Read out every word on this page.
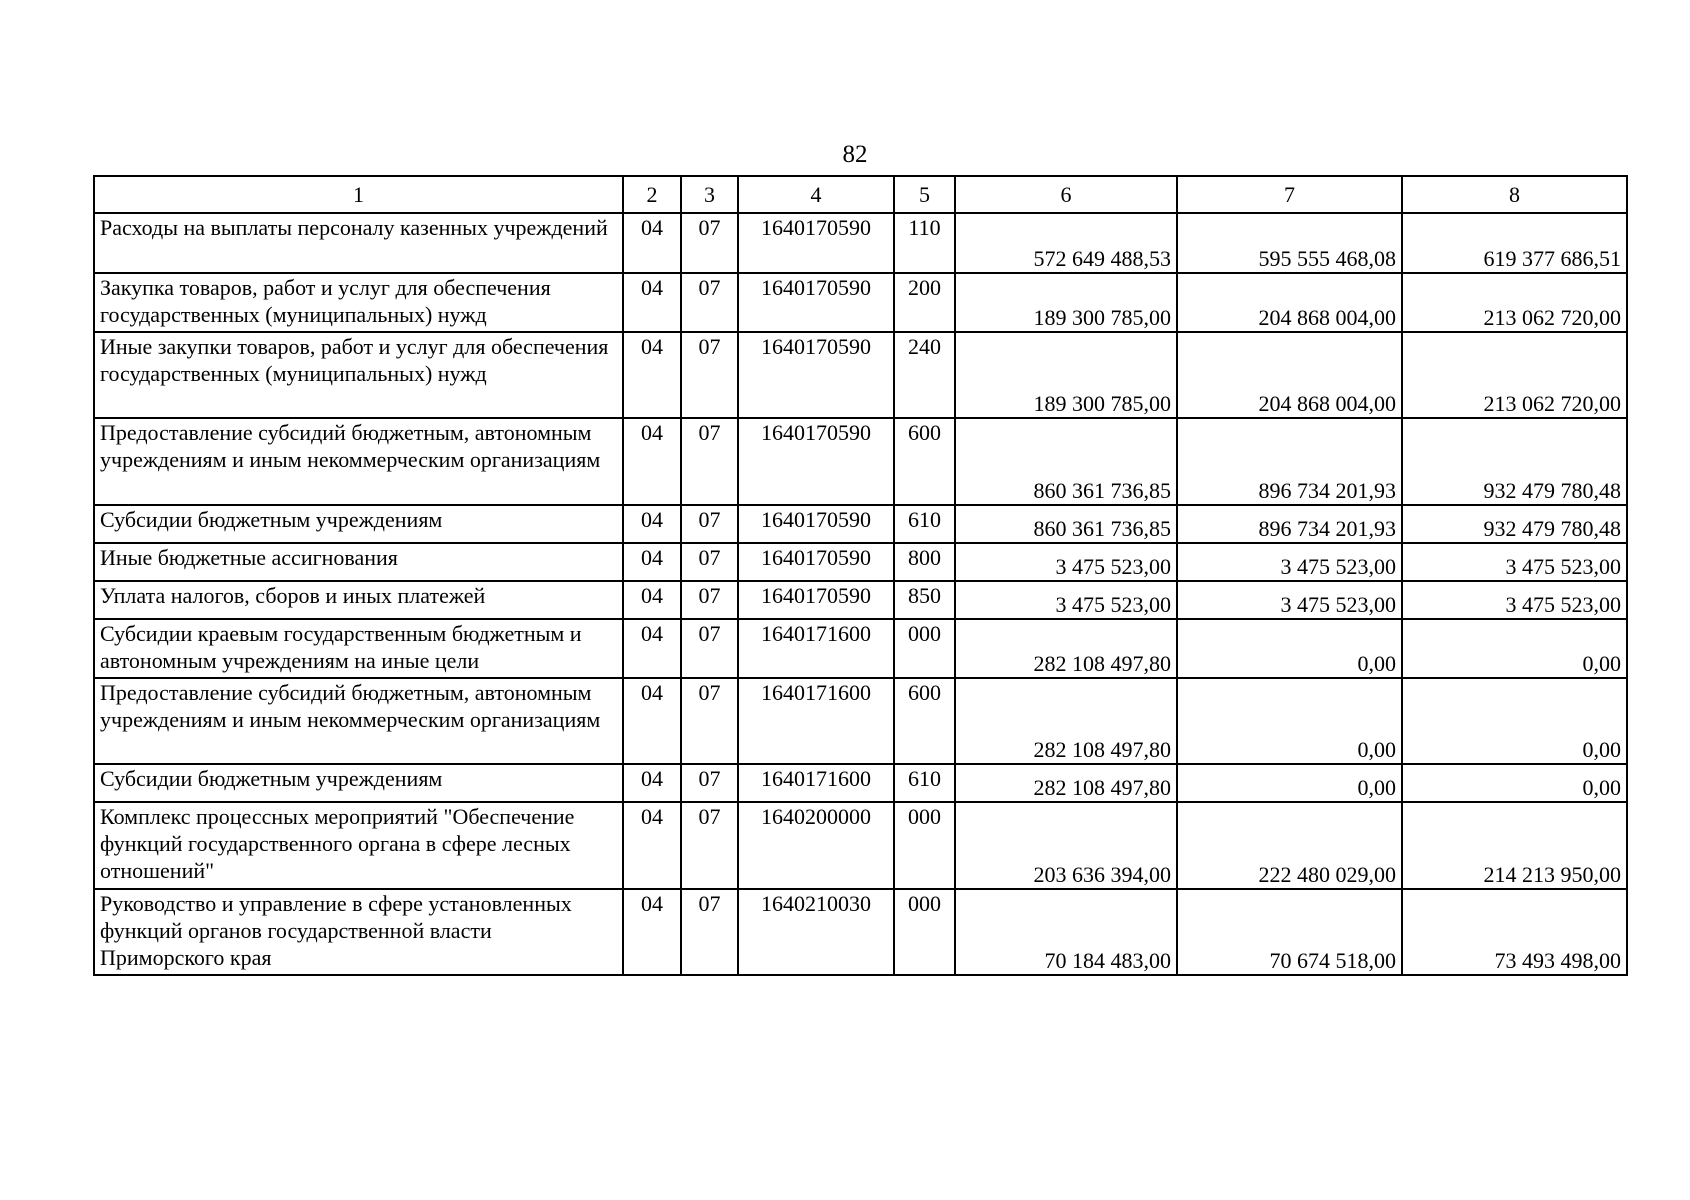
82
1	2	3	4	5	6	7	8
Расходы на выплаты персоналу казенных учреждений	04	07	1640170590	110	572 649 488,53	595 555 468,08	619 377 686,51
Закупка товаров, работ и услуг для обеспечения государственных (муниципальных) нужд	04	07	1640170590	200	189 300 785,00	204 868 004,00	213 062 720,00
Иные закупки товаров, работ и услуг для обеспечения государственных (муниципальных) нужд	04	07	1640170590	240	189 300 785,00	204 868 004,00	213 062 720,00
Предоставление субсидий бюджетным, автономным учреждениям и иным некоммерческим организациям	04	07	1640170590	600	860 361 736,85	896 734 201,93	932 479 780,48
Субсидии бюджетным учреждениям	04	07	1640170590	610	860 361 736,85	896 734 201,93	932 479 780,48
Иные бюджетные ассигнования	04	07	1640170590	800	3 475 523,00	3 475 523,00	3 475 523,00
Уплата налогов, сборов и иных платежей	04	07	1640170590	850	3 475 523,00	3 475 523,00	3 475 523,00
Субсидии краевым государственным бюджетным и автономным учреждениям на иные цели	04	07	1640171600	000	282 108 497,80	0,00	0,00
Предоставление субсидий бюджетным, автономным учреждениям и иным некоммерческим организациям	04	07	1640171600	600	282 108 497,80	0,00	0,00
Субсидии бюджетным учреждениям	04	07	1640171600	610	282 108 497,80	0,00	0,00
Комплекс процессных мероприятий "Обеспечение функций государственного органа в сфере лесных отношений"	04	07	1640200000	000	203 636 394,00	222 480 029,00	214 213 950,00
Руководство и управление в сфере установленных функций органов государственной власти Приморского края	04	07	1640210030	000	70 184 483,00	70 674 518,00	73 493 498,00
